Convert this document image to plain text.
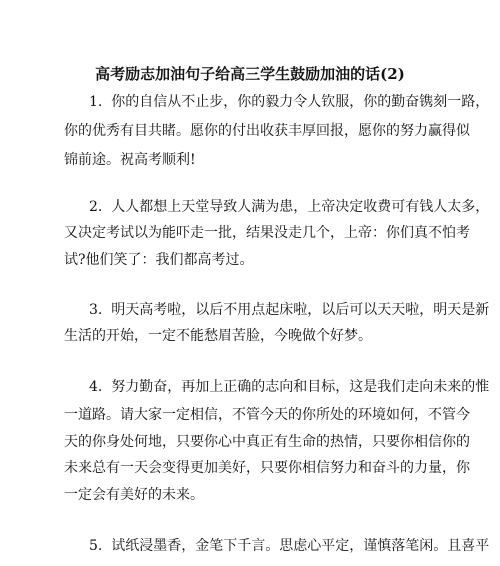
高考励志加油句子给高三学生鼓励加油的话(2)
1. 你的自信从不止步，你的毅力令人钦服，你的勤奋镌刻一路，
你的优秀有目共睹。愿你的付出收获丰厚回报，愿你的努力赢得似
锦前途。祝高考顺利!
2. 人人都想上天堂导致人满为患，上帝决定收费可有钱人太多，
又决定考试以为能吓走一批，结果没走几个，上帝：你们真不怕考
试?他们笑了：我们都高考过。
3. 明天高考啦，以后不用点起床啦，以后可以天天啦，明天是新
生活的开始，一定不能愁眉苦脸，今晚做个好梦。
4. 努力勤奋，再加上正确的志向和目标，这是我们走向未来的惟
一道路。请大家一定相信，不管今天的你所处的环境如何，不管今
天的你身处何地，只要你心中真正有生命的热情，只要你相信你的
未来总有一天会变得更加美好，只要你相信努力和奋斗的力量，你
一定会有美好的未来。
5. 试纸浸墨香，金笔下千言。思虑心平定，谨慎落笔闲。且喜平
